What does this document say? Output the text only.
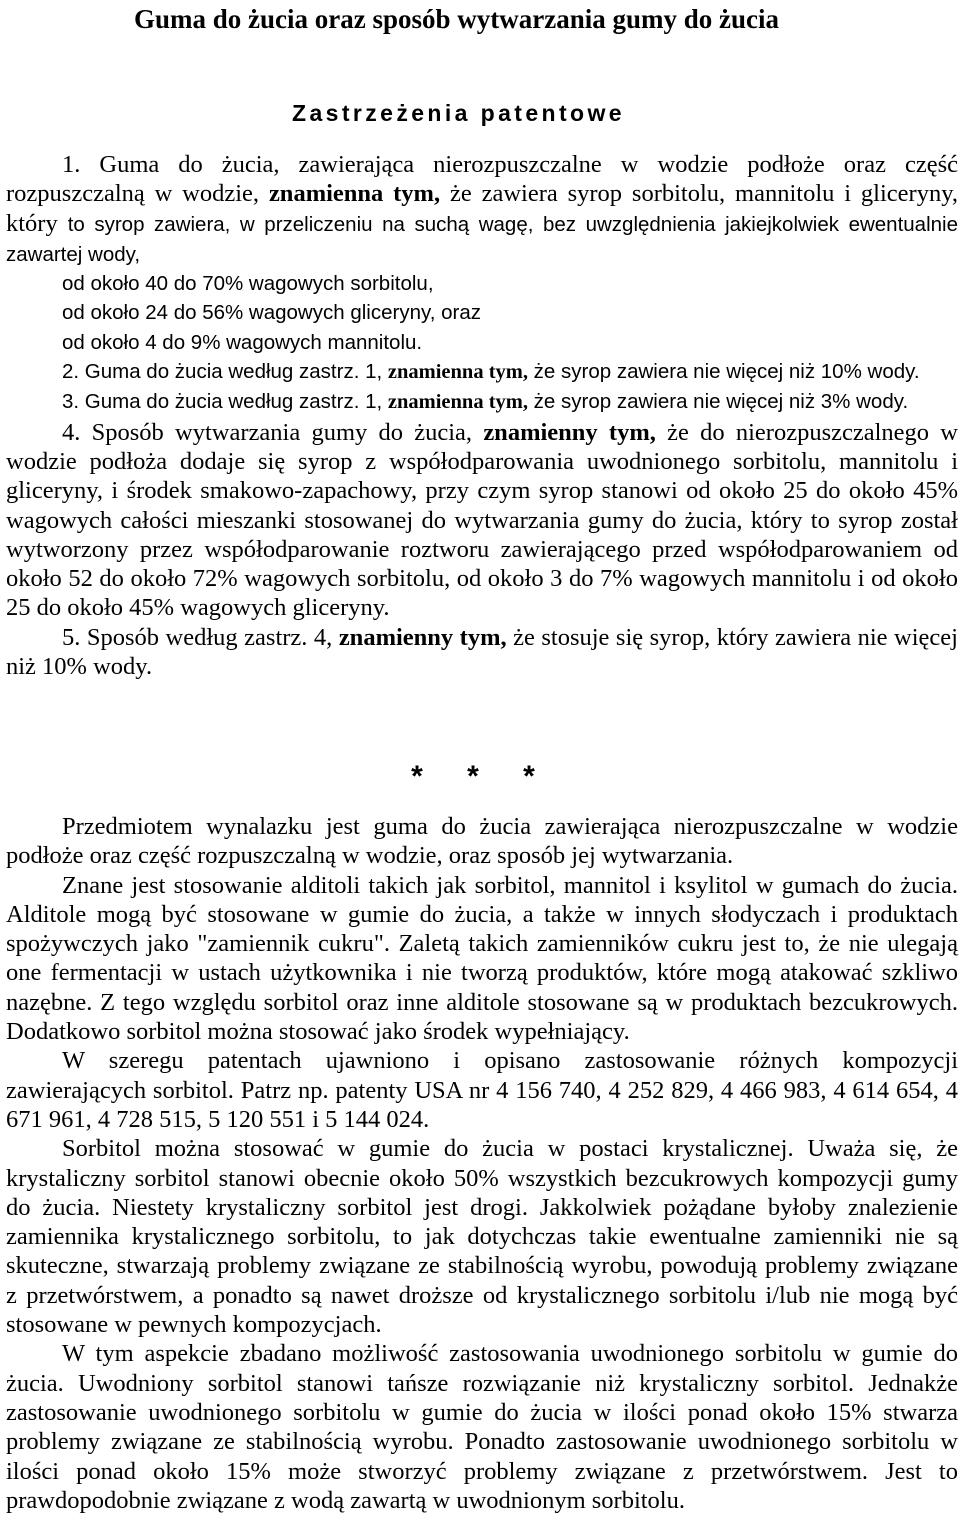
Guma do żucia oraz sposób wytwarzania gumy do żucia
Zastrzeżenia patentowe

1. Guma do żucia, zawierająca nierozpuszczalne w wodzie podłoże oraz część rozpuszczalną w wodzie, znamienna tym, że zawiera syrop sorbitolu, mannitolu i gliceryny, który to syrop zawiera, w przeliczeniu na suchą wagę, bez uwzględnienia jakiejkolwiek ewentualnie zawartej wody,

od około 40 do 70% wagowych sorbitolu,

od około 24 do 56% wagowych gliceryny, oraz

od około 4 do 9% wagowych mannitolu.

2. Guma do żucia według zastrz. 1, znamienna tym, że syrop zawiera nie więcej niż 10% wody.

3. Guma do żucia według zastrz. 1, znamienna tym, że syrop zawiera nie więcej niż 3% wody.

4. Sposób wytwarzania gumy do żucia, znamienny tym, że do nierozpuszczalnego w wodzie podłoża dodaje się syrop z współodparowania uwodnionego sorbitolu, mannitolu i gliceryny, i środek smakowo-zapachowy, przy czym syrop stanowi od około 25 do około 45% wagowych całości mieszanki stosowanej do wytwarzania gumy do żucia, który to syrop został wytworzony przez współodparowanie roztworu zawierającego przed współodparowaniem od około 52 do około 72% wagowych sorbitolu, od około 3 do 7% wagowych mannitolu i od około 25 do około 45% wagowych gliceryny.

5. Sposób według zastrz. 4, znamienny tym, że stosuje się syrop, który zawiera nie więcej niż 10% wody.

* * *

Przedmiotem wynalazku jest guma do żucia zawierająca nierozpuszczalne w wodzie podłoże oraz część rozpuszczalną w wodzie, oraz sposób jej wytwarzania.

Znane jest stosowanie alditoli takich jak sorbitol, mannitol i ksylitol w gumach do żucia. Alditole mogą być stosowane w gumie do żucia, a także w innych słodyczach i produktach spożywczych jako "zamiennik cukru". Zaletą takich zamienników cukru jest to, że nie ulegają one fermentacji w ustach użytkownika i nie tworzą produktów, które mogą atakować szkliwo nazębne. Z tego względu sorbitol oraz inne alditole stosowane są w produktach bezcukrowych. Dodatkowo sorbitol można stosować jako środek wypełniający.

W szeregu patentach ujawniono i opisano zastosowanie różnych kompozycji zawierających sorbitol. Patrz np. patenty USA nr 4 156 740, 4 252 829, 4 466 983, 4 614 654, 4 671 961, 4 728 515, 5 120 551 i 5 144 024.

Sorbitol można stosować w gumie do żucia w postaci krystalicznej. Uważa się, że krystaliczny sorbitol stanowi obecnie około 50% wszystkich bezcukrowych kompozycji gumy do żucia. Niestety krystaliczny sorbitol jest drogi. Jakkolwiek pożądane byłoby znalezienie zamiennika krystalicznego sorbitolu, to jak dotychczas takie ewentualne zamienniki nie są skuteczne, stwarzają problemy związane ze stabilnością wyrobu, powodują problemy związane z przetwórstwem, a ponadto są nawet droższe od krystalicznego sorbitolu i/lub nie mogą być stosowane w pewnych kompozycjach.

W tym aspekcie zbadano możliwość zastosowania uwodnionego sorbitolu w gumie do żucia. Uwodniony sorbitol stanowi tańsze rozwiązanie niż krystaliczny sorbitol. Jednakże zastosowanie uwodnionego sorbitolu w gumie do żucia w ilości ponad około 15% stwarza problemy związane ze stabilnością wyrobu. Ponadto zastosowanie uwodnionego sorbitolu w ilości ponad około 15% może stworzyć problemy związane z przetwórstwem. Jest to prawdopodobnie związane z wodą zawartą w uwodnionym sorbitolu.
